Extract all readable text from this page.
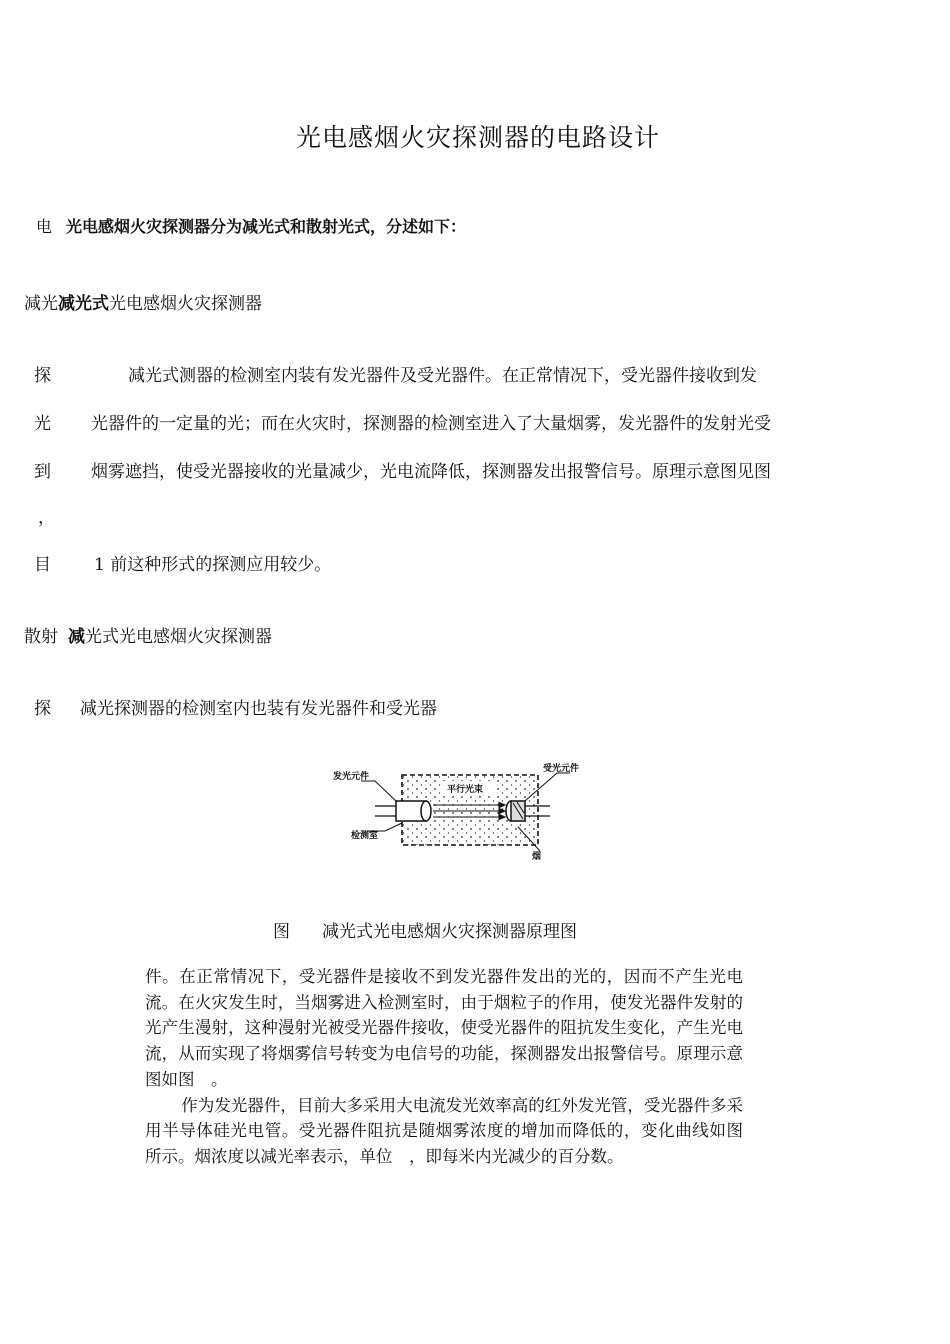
光电感烟火灾探测器的电路设计
电 光电感烟火灾探测器分为减光式和散射光式，分述如下：
减光减光式光电感烟火灾探测器
探	减光式测器的检测室内装有发光器件及受光器件。在正常情况下，受光器件接收到发
光 光器件的一定量的光；而在火灾时，探测器的检测室进入了大量烟雾，发光器件的发射光受
到 烟雾遮挡，使受光器接收的光量减少，光电流降低，探测器发出报警信号。原理示意图见图
，
目	1 前这种形式的探测应用较少。
散射 减光式光电感烟火灾探测器
探 减光探测器的检测室内也装有发光器件和受光器
发光元件
受光元件
平行光束
检测室
烟
图 减光式光电感烟火灾探测器原理图

件。在正常情况下，受光器件是接收不到发光器件发出的光的，因而不产生光电流。在火灾发生时，当烟雾进入检测室时，由于烟粒子的作用，使发光器件发射的光产生漫射，这种漫射光被受光器件接收，使受光器件的阻抗发生变化，产生光电流，从而实现了将烟雾信号转变为电信号的功能，探测器发出报警信号。原理示意图如图　。

作为发光器件，目前大多采用大电流发光效率高的红外发光管，受光器件多采用半导体硅光电管。受光器件阻抗是随烟雾浓度的增加而降低的，变化曲线如图　所示。烟浓度以减光率表示，单位　，即每米内光减少的百分数。
